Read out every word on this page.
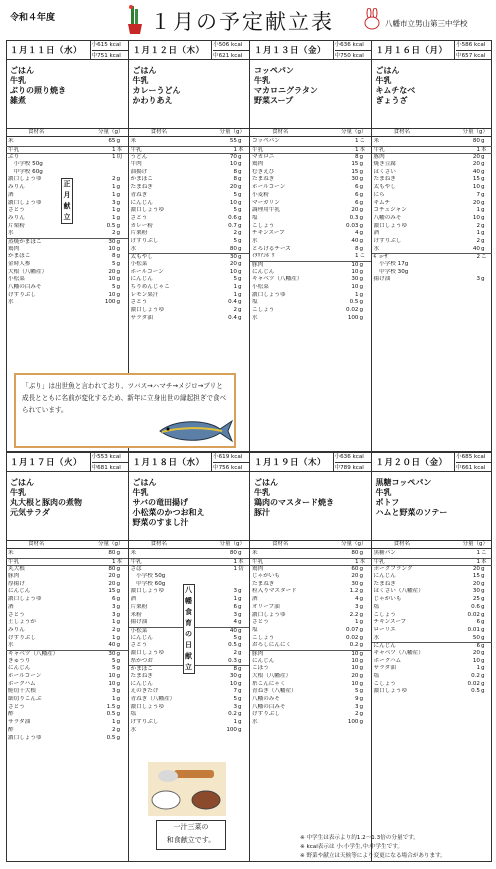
令和４年度	１月の予定献立表	八幡市立男山第三中学校
１月１１日（水）
小615 kcal
中751 kcal
ごはん
牛乳
ぶりの照り焼き
雑煮
食材名	分量（g）
米	65 g
牛乳	1 本
ぶり	1 切
　小学校 50g
　中学校 60g
濃口しょうゆ	2 g
みりん	1 g
酒	1 g
濃口しょうゆ	3 g
さとう	1 g
みりん	1 g
片栗粉	0.5 g
水	2 g
蒸焼かまぼこ	30 g
鶏肉	10 g
かまぼこ	8 g
金時人参	5 g
大根（八幡産）	20 g
小松菜	10 g
八幡の白みそ	5 g
けずりぶし	10 g
水	100 g
１月１２日（木）
小506 kcal
中621 kcal
ごはん
牛乳
カレーうどん
かわりあえ
食材名	分量（g）
米	55 g
牛乳	1 本
うどん	70 g
牛肉	10 g
油揚げ	8 g
かまぼこ	8 g
たまねぎ	20 g
青ねぎ	5 g
にんじん	10 g
濃口しょうゆ	5 g
さとう	0.6 g
カレー粉	0.7 g
片栗粉	2 g
けずりぶし	5 g
水	80 g
太もやし	30 g
小松菜	20 g
ホールコーン	10 g
にんじん	5 g
ちりめんじゃこ	1 g
レモン果汁	1 g
さとう	0.4 g
濃口しょうゆ	2 g
サラダ油	0.4 g
１月１３日（金）
小636 kcal
中750 kcal
コッペパン
牛乳
マカロニグラタン
野菜スープ
食材名	分量（g）
コッペパン	1 こ
牛乳	1 本
マカロニ	8 g
鶏肉	15 g
むきえび	15 g
たまねぎ	30 g
ホールコーン	6 g
小麦粉	6 g
マーガリン	6 g
調理用牛乳	20 g
塩	0.3 g
こしょう	0.03 g
チキンスープ	4 g
水	40 g
とろけるチーズ	8 g
ｲﾀﾘｱﾝﾎﾞｳ	1 こ
豚肉	10 g
にんじん	10 g
キャベツ（八幡産）	30 g
小松菜	10 g
濃口しょうゆ	1 g
塩	0.5 g
こしょう	0.02 g
水	100 g
１月１６日（月）
小586 kcal
中657 kcal
ごはん
牛乳
キムチなべ
ぎょうざ
食材名	分量（g）
米	80 g
牛乳	1 本
豚肉	20 g
焼き豆腐	20 g
はくさい	40 g
たまねぎ	15 g
太もやし	10 g
にら	7 g
キムチ	20 g
コチュジャン	1 g
八幡のみそ	10 g
濃口しょうゆ	2 g
酒	1 g
けずりぶし	2 g
水	40 g
ｷﾞｮｰｻﾞ	2 こ
　小学校 17g
　中学校 30g
揚げ油	3 g
１月１７日（火）
小553 kcal
中681 kcal
ごはん
牛乳
丸大根と豚肉の煮物
元気サラダ
食材名	分量（g）
米	80 g
牛乳	1 本
丸大根	80 g
豚肉	20 g
厚揚げ	20 g
にんじん	15 g
濃口しょうゆ	6 g
酒	3 g
さとう	3 g
土しょうが	1 g
みりん	2 g
けずりぶし	1 g
水	40 g
キャベツ（八幡産）	30 g
きゅうり	5 g
にんじん	5 g
ホールコーン	10 g
ボークハム	10 g
鮭切干大根	3 g
細切りこんぶ	1 g
さとう	1.5 g
酢	0.5 g
サラダ油	1 g
酢	2 g
濃口しょうゆ	0.5 g
１月１８日（水）
小619 kcal
中756 kcal
ごはん
牛乳
サバの竜田揚げ
小松菜のかつお和え
野菜のすまし汁
食材名	分量（g）
米	80 g
牛乳	1 本
さば	1 切
　小学校 50g
　中学校 60g
濃口しょうゆ	3 g
酒	1 g
片栗粉	6 g
米粉	3 g
揚げ油	4 g
小松菜	40 g
にんじん	5 g
さとう	0.5 g
濃口しょうゆ	2 g
糸かつお	0.3 g
かまぼこ	8 g
たまねぎ	30 g
にんじん	10 g
えのきたけ	7 g
青ねぎ（八幡産）	5 g
濃口しょうゆ	3 g
塩	0.2 g
けずりぶし	1 g
水	100 g
１月１９日（木）
小636 kcal
中789 kcal
ごはん
牛乳
鶏肉のマスタード焼き
豚汁
食材名	分量（g）
米	80 g
牛乳	1 本
鶏肉	60 g
じゃがいも	20 g
たまねぎ	30 g
粒入りマスタード	1.2 g
酒	4 g
オリーブ油	3 g
濃口しょうゆ	2.2 g
さとう	1 g
塩	0.07 g
こしょう	0.02 g
おろしにんにく	0.2 g
豚肉	10 g
にんじん	10 g
ごぼう	10 g
大根（八幡産）	20 g
糸こんにゃく	10 g
青ねぎ（八幡産）	5 g
八幡のみそ	9 g
八幡の白みそ	3 g
けずりぶし	2 g
水	100 g
１月２０日（金）
小685 kcal
中661 kcal
黒糖コッペパン
牛乳
ポトフ
ハムと野菜のソテー
食材名	分量（g）
黒糖パン	1 こ
牛乳	1 本
ポークフランク	20 g
にんじん	15 g
たまねぎ	20 g
はくさい（八幡産）	30 g
じゃがいも	25 g
塩	0.6 g
こしょう	0.02 g
チキンスープ	6 g
ローリエ	0.01 g
水	50 g
にんじん	6 g
キャベツ（八幡産）	20 g
ボークハム	10 g
サラダ油	1 g
塩	0.2 g
こしょう	0.02 g
濃口しょうゆ	0.5 g
「ぶり」は出世魚と言われており、ツバス→ハマチ→メジロ→ブリと成長とともに名前が変化するため、新年に立身出世の縁起担ぎで食べられています。
一汁三菜の
和食献立です。	※ 中学生は表示より約1.2～1.3倍の分量です。
※ kcal表示は 小:小学生,中:中学生です。
※ 野菜や献立は天候等により変更になる場合があります。
正
月
献
立
八
幡
食
育
の
日
献
立
